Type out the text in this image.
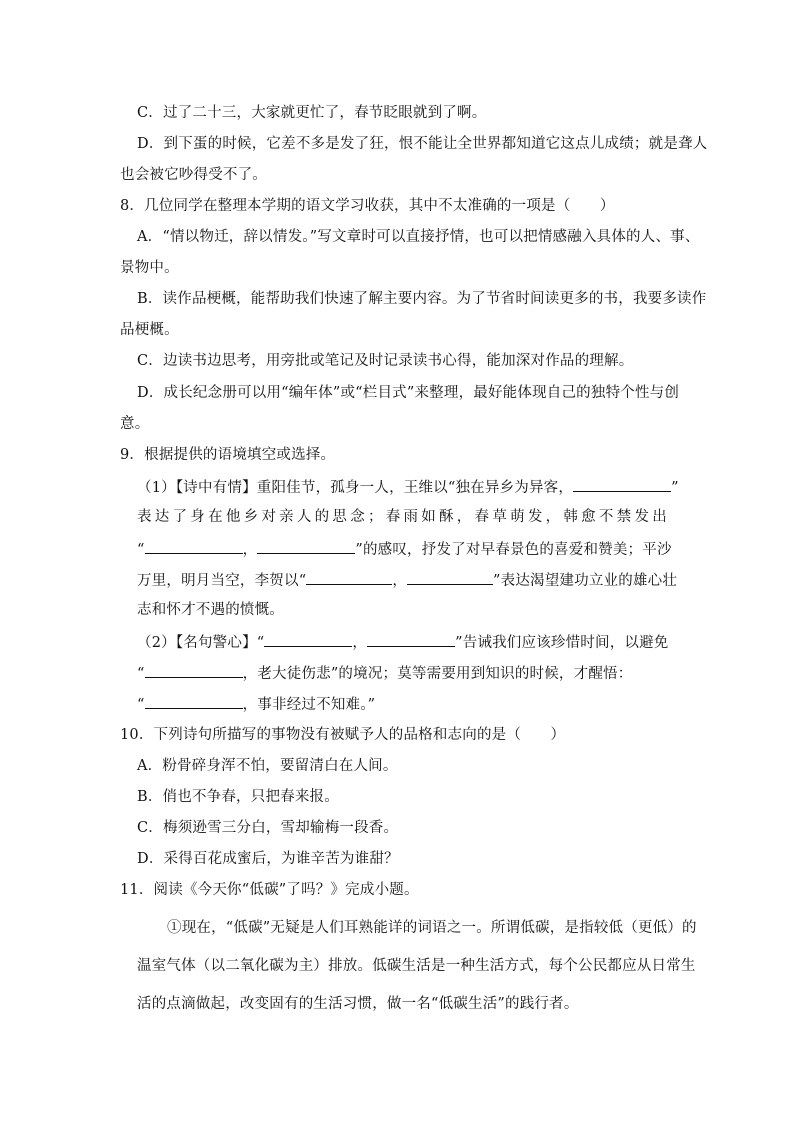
C．过了二十三，大家就更忙了，春节眨眼就到了啊。
D．到下蛋的时候，它差不多是发了狂，恨不能让全世界都知道它这点儿成绩；就是聋人
也会被它吵得受不了。
8．几位同学在整理本学期的语文学习收获，其中不太准确的一项是（　　）
A．“情以物迁，辞以情发。”写文章时可以直接抒情，也可以把情感融入具体的人、事、
景物中。
B．读作品梗概，能帮助我们快速了解主要内容。为了节省时间读更多的书，我要多读作
品梗概。
C．边读书边思考，用旁批或笔记及时记录读书心得，能加深对作品的理解。
D．成长纪念册可以用“编年体”或“栏目式”来整理，最好能体现自己的独特个性与创
意。
9．根据提供的语境填空或选择。
（1）【诗中有情】重阳佳节，孤身一人，王维以“独在异乡为异客，	”
表 达 了 身 在 他 乡 对 亲 人 的 思 念 ； 春 雨 如 酥 ， 春 草 萌 发 ， 韩 愈 不 禁 发 出
“	，	”的感叹，抒发了对早春景色的喜爱和赞美；平沙
万里，明月当空，李贺以“	，	”表达渴望建功立业的雄心壮
志和怀才不遇的愤慨。
（2）【名句警心】“	，	”告诫我们应该珍惜时间，以避免
“	，老大徒伤悲”的境况；莫等需要用到知识的时候，才醒悟：
“	，事非经过不知难。”
10．下列诗句所描写的事物没有被赋予人的品格和志向的是（　　）
A．粉骨碎身浑不怕，要留清白在人间。
B．俏也不争春，只把春来报。
C．梅须逊雪三分白，雪却输梅一段香。
D．采得百花成蜜后，为谁辛苦为谁甜？
11．阅读《今天你“低碳”了吗？》完成小题。
①现在，“低碳”无疑是人们耳熟能详的词语之一。所谓低碳，是指较低（更低）的
温室气体（以二氧化碳为主）排放。低碳生活是一种生活方式，每个公民都应从日常生
活的点滴做起，改变固有的生活习惯，做一名“低碳生活”的践行者。
